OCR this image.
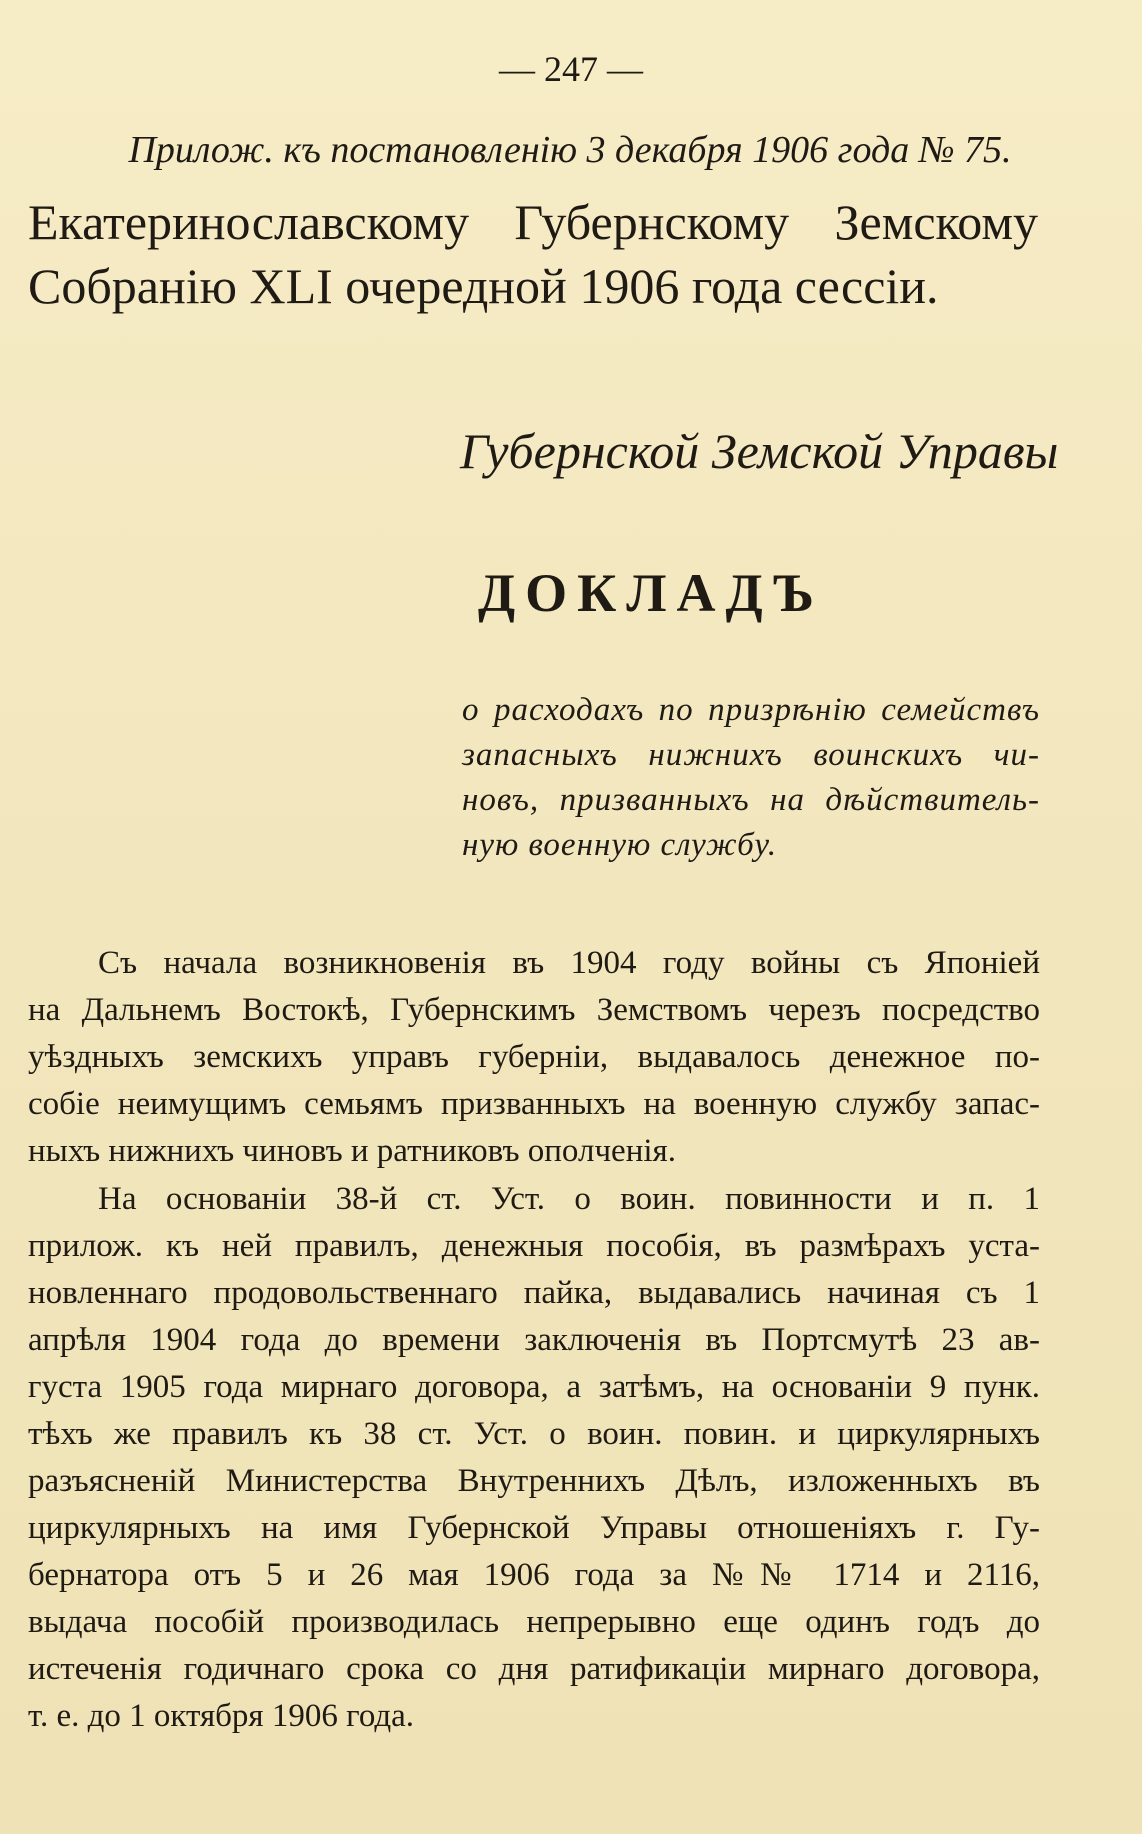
— 247 —
Прилож. къ постановленію 3 декабря 1906 года № 75.
Екатеринославскому Губернскому Земскому
Собранію XLI очередной 1906 года сессіи.
Губернской Земской Управы
ДОКЛАДЪ
о расходахъ по призрѣнію семействъ
запасныхъ нижнихъ воинскихъ чи-
новъ, призванныхъ на дѣйствитель-
ную военную службу.
Съ начала возникновенія въ 1904 году войны съ Японіей
на Дальнемъ Востокѣ, Губернскимъ Земствомъ черезъ посредство
уѣздныхъ земскихъ управъ губерніи, выдавалось денежное по-
собіе неимущимъ семьямъ призванныхъ на военную службу запас-
ныхъ нижнихъ чиновъ и ратниковъ ополченія.
На основаніи 38-й ст. Уст. о воин. повинности и п. 1
прилож. къ ней правилъ, денежныя пособія, въ размѣрахъ уста-
новленнаго продовольственнаго пайка, выдавались начиная съ 1
апрѣля 1904 года до времени заключенія въ Портсмутѣ 23 ав-
густа 1905 года мирнаго договора, а затѣмъ, на основаніи 9 пунк.
тѣхъ же правилъ къ 38 ст. Уст. о воин. повин. и циркулярныхъ
разъясненій Министерства Внутреннихъ Дѣлъ, изложенныхъ въ
циркулярныхъ на имя Губернской Управы отношеніяхъ г. Гу-
бернатора отъ 5 и 26 мая 1906 года за №№ 1714 и 2116,
выдача пособій производилась непрерывно еще одинъ годъ до
истеченія годичнаго срока со дня ратификаціи мирнаго договора,
т. е. до 1 октября 1906 года.
